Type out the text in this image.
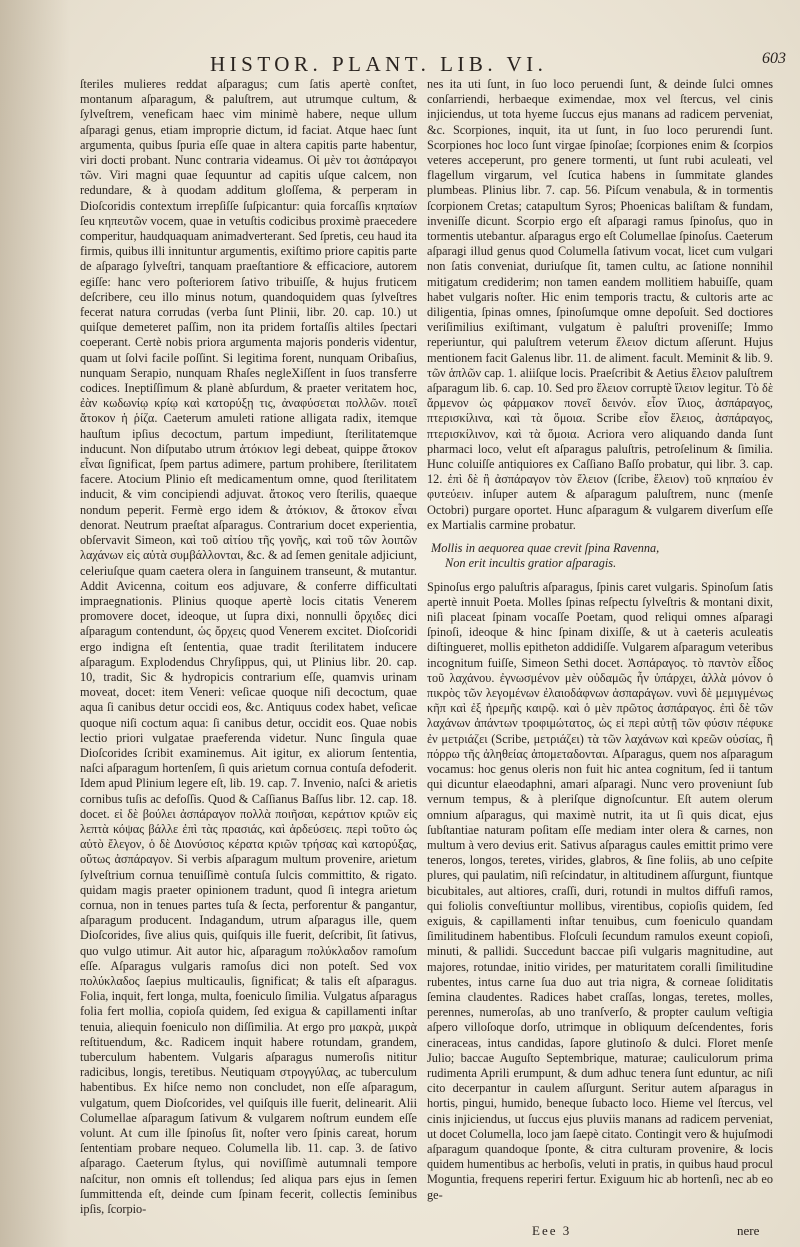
HISTOR. PLANT. LIB. VI.	603

ſteriles mulieres reddat aſparagus; cum ſatis apertè conſtet, montanum aſparagum, & paluſtrem, aut utrumque cultum, & ſylveſtrem, veneficam haec vim minimè habere, neque ullum aſparagi genus, etiam improprie dictum, id faciat. Atque haec ſunt argumenta, quibus ſpuria eſſe quae in altera capitis parte habentur, viri docti probant. Nunc contraria videamus. Οἱ μὲν τοι ἀσπάραγοι τῶν. Viri magni quae ſequuntur ad capitis uſque calcem, non redundare, & à quodam additum gloſſema, & perperam in Dioſcoridis contextum irrepſiſſe ſuſpicantur: quia forcaſſis κηπαίων ſeu κηπευτῶν vocem, quae in vetuſtis codicibus proximè praecedere comperitur, haudquaquam animadverterant. Sed ſpretis, ceu haud ita firmis, quibus illi innituntur argumentis, exiſtimo priore capitis parte de aſparago ſylveſtri, tanquam praeſtantiore & efficaciore, autorem egiſſe: hanc vero poſteriorem ſativo tribuiſſe, & hujus fruticem deſcribere, ceu illo minus notum, quandoquidem quas ſylveſtres fecerat natura corrudas (verba ſunt Plinii, libr. 20. cap. 10.) ut quiſque demeteret paſſim, non ita pridem fortaſſis altiles ſpectari coeperant. Certè nobis priora argumenta majoris ponderis videntur, quam ut ſolvi facile poſſint. Si legitima forent, nunquam Oribaſius, nunquam Serapio, nunquam Rhaſes negleXiſſent in ſuos transferre codices. Ineptiſſimum & planè abſurdum, & praeter veritatem hoc, ἐὰν κωδωνίῳ κρίῳ καὶ κατορύξῃ τις, ἀναφύσεται πολλῶν. ποιεῖ ἄτοκον ἡ ῥίζα. Caeterum amuleti ratione alligata radix, itemque hauſtum ipſius decoctum, partum impediunt, ſterilitatemque inducunt. Non diſputabo utrum ἀτόκιον legi debeat, quippe ἄτοκον εἶναι ſignificat, ſpem partus adimere, partum prohibere, ſterilitatem facere. Atocium Plinio eſt medicamentum omne, quod ſterilitatem inducit, & vim concipiendi adjuvat. ἄτοκος vero ſterilis, quaeque nondum peperit. Fermè ergo idem & ἀτόκιον, & ἄτοκον εἶναι denorat. Neutrum praeſtat aſparagus. Contrarium docet experientia, obſervavit Simeon, καὶ τοῦ αἰτίου τῆς γονῆς, καὶ τοῦ τῶν λοιπῶν λαχάνων εἰς αὐτὰ συμβάλλονται, &c. & ad ſemen genitale adjiciunt, celeriuſque quam caetera olera in ſanguinem transeunt, & mutantur. Addit Avicenna, coitum eos adjuvare, & conferre difficultati impraegnationis. Plinius quoque apertè locis citatis Venerem promovere docet, ideoque, ut ſupra dixi, nonnulli ὄρχιδες dici aſparagum contendunt, ὡς ὄρχεις quod Venerem excitet. Dioſcoridi ergo indigna eſt ſententia, quae tradit ſterilitatem inducere aſparagum. Explodendus Chryſippus, qui, ut Plinius libr. 20. cap. 10, tradit, Sic & hydropicis contrarium eſſe, quamvis urinam moveat, docet: item Veneri: veſicae quoque niſi decoctum, quae aqua ſi canibus detur occidi eos, &c. Antiquus codex habet, veſicae quoque niſi coctum aqua: ſi canibus detur, occidit eos. Quae nobis lectio priori vulgatae praeferenda videtur. Nunc ſingula quae Dioſcorides ſcribit examinemus. Ait igitur, ex aliorum ſententia, naſci aſparagum hortenſem, ſi quis arietum cornua contuſa defoderit. Idem apud Plinium legere eſt, lib. 19. cap. 7. Invenio, naſci & arietis cornibus tuſis ac defoſſis. Quod & Caſſianus Baſſus libr. 12. cap. 18. docet. εἰ δὲ βούλει ἀσπάραγον πολλὰ ποιῆσαι, κεράτιον κριῶν εἰς λεπτὰ κόψας βάλλε ἐπὶ τὰς πρασιάς, καὶ ἀρδεύσεις. περὶ τοῦτο ὡς αὐτὸ ἔλεγον, ὁ δὲ Διονύσιος κέρατα κριῶν τρήσας καὶ κατορύξας, οὕτως ἀσπάραγον. Si verbis aſparagum multum provenire, arietum ſylveſtrium cornua tenuiſſimè contuſa ſulcis committito, & rigato. quidam magis praeter opinionem tradunt, quod ſi integra arietum cornua, non in tenues partes tuſa & ſecta, perforentur & pangantur, aſparagum producent. Indagandum, utrum aſparagus ille, quem Dioſcorides, ſive alius quis, quiſquis ille fuerit, deſcribit, ſit ſativus, quo vulgo utimur. Ait autor hic, aſparagum πολύκλαδον ramoſum eſſe. Aſparagus vulgaris ramoſus dici non poteſt. Sed vox πολύκλαδος ſaepius multicaulis, ſignificat; & talis eſt aſparagus. Folia, inquit, fert longa, multa, foeniculo ſimilia. Vulgatus aſparagus folia fert mollia, copioſa quidem, ſed exigua & capillamenti inſtar tenuia, aliequin foeniculo non diſſimilia. At ergo pro μακρὰ, μικρὰ reſtituendum, &c. Radicem inquit habere rotundam, grandem, tuberculum habentem. Vulgaris aſparagus numeroſis nititur radicibus, longis, teretibus. Neutiquam στρογγύλας, ac tuberculum habentibus. Ex hiſce nemo non concludet, non eſſe aſparagum, vulgatum, quem Dioſcorides, vel quiſquis ille fuerit, delinearit. Alii Columellae aſparagum ſativum & vulgarem noſtrum eundem eſſe volunt. At cum ille ſpinoſus ſit, noſter vero ſpinis careat, horum ſententiam probare nequeo. Columella lib. 11. cap. 3. de ſativo aſparago. Caeterum ſtylus, qui noviſſimè autumnali tempore naſcitur, non omnis eſt tollendus; ſed aliqua pars ejus in ſemen ſummittenda eſt, deinde cum ſpinam fecerit, collectis ſeminibus ipſis, ſcorpio-

nes ita uti ſunt, in ſuo loco peruendi ſunt, & deinde ſulci omnes conſarriendi, herbaeque eximendae, mox vel ſtercus, vel cinis injiciendus, ut tota hyeme ſuccus ejus manans ad radicem perveniat, &c. Scorpiones, inquit, ita ut ſunt, in ſuo loco perurendi ſunt. Scorpiones hoc loco ſunt virgae ſpinoſae; ſcorpiones enim & ſcorpios veteres acceperunt, pro genere tormenti, ut ſunt rubi aculeati, vel flagellum virgarum, vel ſcutica habens in ſummitate glandes plumbeas. Plinius libr. 7. cap. 56. Piſcum venabula, & in tormentis ſcorpionem Cretas; catapultum Syros; Phoenicas baliſtam & fundam, inveniſſe dicunt. Scorpio ergo eſt aſparagi ramus ſpinoſus, quo in tormentis utebantur. aſparagus ergo eſt Columellae ſpinoſus. Caeterum aſparagi illud genus quod Columella ſativum vocat, licet cum vulgari non ſatis conveniat, duriuſque ſit, tamen cultu, ac ſatione nonnihil mitigatum crediderim; non tamen eandem mollitiem habuiſſe, quam habet vulgaris noſter. Hic enim temporis tractu, & cultoris arte ac diligentia, ſpinas omnes, ſpinoſumque omne depoſuit. Sed doctiores veriſimilius exiſtimant, vulgatum è paluſtri proveniſſe; Immo reperiuntur, qui paluſtrem veterum ἕλειον dictum aſſerunt. Hujus mentionem facit Galenus libr. 11. de aliment. facult. Meminit & lib. 9. τῶν ἁπλῶν cap. 1. aliiſque locis. Praeſcribit & Aetius ἕλειον paluſtrem aſparagum lib. 6. cap. 10. Sed pro ἕλειον corruptè ἴλειον legitur. Τὸ δὲ ἄρμενον ὡς φάρμακον πονεῖ δεινόν. εἶον ἴλιος, ἀσπάραγος, πτερισκίλινα, καὶ τὰ ὅμοια. Scribe εἶον ἕλειος, ἀσπάραγος, πτερισκίλινον, καὶ τὰ ὅμοια. Acriora vero aliquando danda ſunt pharmaci loco, velut eſt aſparagus paluſtris, petroſelinum & ſimilia. Hunc coluiſſe antiquiores ex Caſſiano Baſſo probatur, qui libr. 3. cap. 12. ἐπὶ δὲ ἢ ἀσπάραγον τὸν ἕλειον (ſcribe, ἕλειον) τοῦ κηπαίου ἐν φυτεύειν. inſuper autem & aſparagum paluſtrem, nunc (menſe Octobri) purgare oportet. Hunc aſparagum & vulgarem diverſum eſſe ex Martialis carmine probatur.

Mollis in aequorea quae crevit ſpina Ravenna,
Non erit incultis gratior aſparagis.

Spinoſus ergo paluſtris aſparagus, ſpinis caret vulgaris. Spinoſum ſatis apertè innuit Poeta. Molles ſpinas reſpectu ſylveſtris & montani dixit, niſi placeat ſpinam vocaſſe Poetam, quod reliqui omnes aſparagi ſpinoſi, ideoque & hinc ſpinam dixiſſe, & ut à caeteris aculeatis diſtingueret, mollis epitheton addidiſſe. Vulgarem aſparagum veteribus incognitum fuiſſe, Simeon Sethi docet. Ἀσπάραγος. τὸ παντὸν εἶδος τοῦ λαχάνου. ἐγνωσμένον μὲν οὐδαμῶς ἦν ὑπάρχει, ἀλλὰ μόνον ὁ πικρὸς τῶν λεγομένων ἐλαιοδάφνων ἀσπαράγων. νυνὶ δὲ μεμιγμένως κῆπ καὶ ἐξ ἠρεμῆς καιρῷ. καὶ ὁ μὲν πρῶτος ἀσπάραγος. ἐπὶ δὲ τῶν λαχάνων ἀπάντων τροφιμώτατος, ὡς εἰ περὶ αὐτῇ τῶν φύσιν πέφυκε ἐν μετριάζει (Scribe, μετριάζει) τὰ τῶν λαχάνων καὶ κρεῶν οὐσίας, ἢ πόρρω τῆς ἀληθείας ἀπομεταδονται. Aſparagus, quem nos aſparagum vocamus: hoc genus oleris non fuit hic antea cognitum, ſed ii tantum qui dicuntur elaeodaphni, amari aſparagi. Nunc vero proveniunt ſub vernum tempus, & à pleriſque dignoſcuntur. Eſt autem olerum omnium aſparagus, qui maximè nutrit, ita ut ſi quis dicat, ejus ſubſtantiae naturam poſitam eſſe mediam inter olera & carnes, non multum à vero devius erit. Sativus aſparagus caules emittit primo vere teneros, longos, teretes, virides, glabros, & ſine foliis, ab uno ceſpite plures, qui paulatim, niſi reſcindatur, in altitudinem aſſurgunt, fiuntque bicubitales, aut altiores, craſſi, duri, rotundi in multos diffuſi ramos, qui foliolis conveſtiuntur mollibus, virentibus, copioſis quidem, ſed exiguis, & capillamenti inſtar tenuibus, cum foeniculo quandam ſimilitudinem habentibus. Floſculi ſecundum ramulos exeunt copioſi, minuti, & pallidi. Succedunt baccae piſi vulgaris magnitudine, aut majores, rotundae, initio virides, per maturitatem coralli ſimilitudine rubentes, intus carne ſua duo aut tria nigra, & corneae ſoliditatis ſemina claudentes. Radices habet craſſas, longas, teretes, molles, perennes, numeroſas, ab uno tranſverſo, & propter caulum veſtigia aſpero villoſoque dorſo, utrimque in obliquum deſcendentes, foris cineraceas, intus candidas, ſapore glutinoſo & dulci. Floret menſe Julio; baccae Auguſto Septembrique, maturae; cauliculorum prima rudimenta Aprili erumpunt, & dum adhuc tenera ſunt eduntur, ac niſi cito decerpantur in caulem aſſurgunt. Seritur autem aſparagus in hortis, pingui, humido, beneque ſubacto loco. Hieme vel ſtercus, vel cinis injiciendus, ut ſuccus ejus pluviis manans ad radicem perveniat, ut docet Columella, loco jam ſaepè citato. Contingit vero & hujuſmodi aſparagum quandoque ſponte, & citra culturam provenire, & locis quidem humentibus ac herboſis, veluti in pratis, in quibus haud procul Moguntia, frequens reperiri fertur. Exiguum hic ab hortenſi, nec ab eo ge-

Eee 3	nere
